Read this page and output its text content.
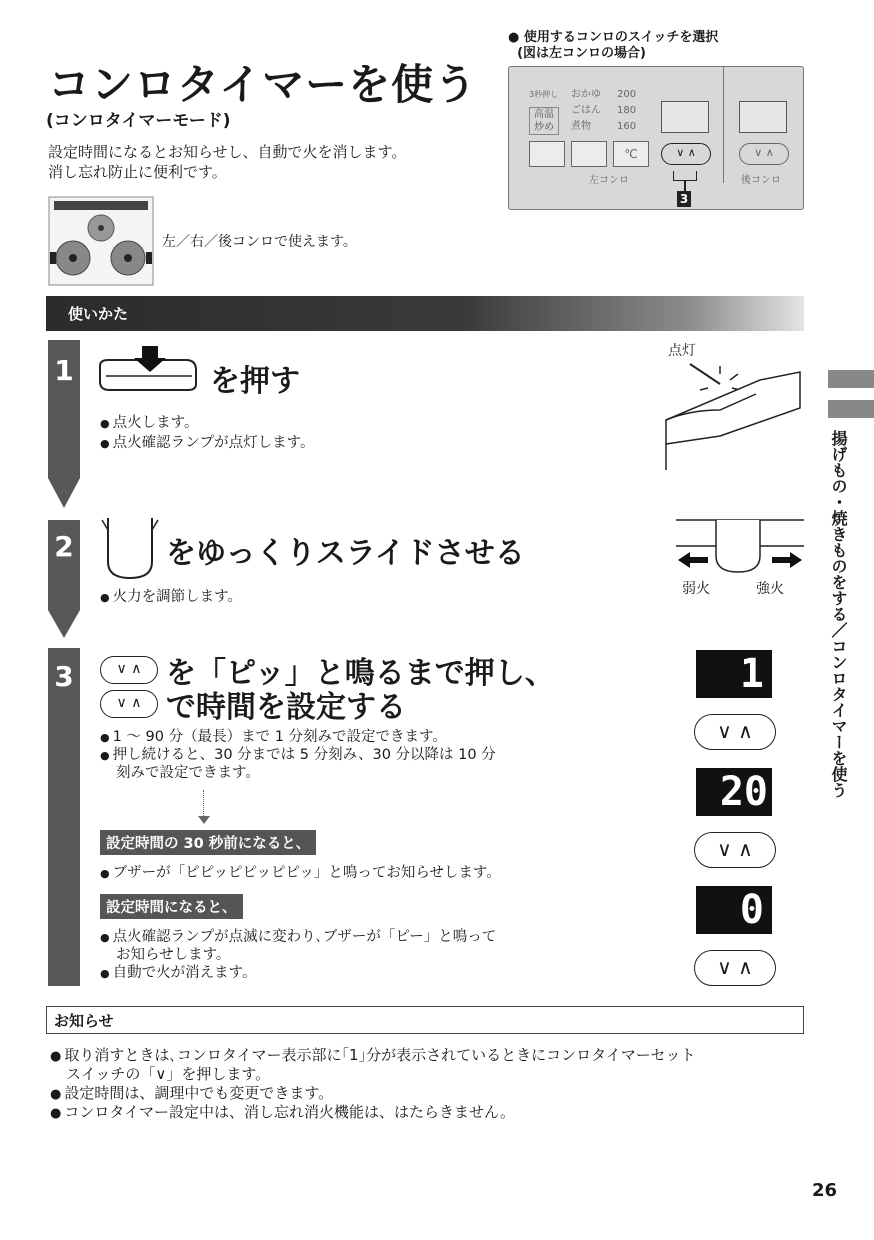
コンロタイマーを使う
(コンロタイマーモード)
設定時間になるとお知らせし、自動で火を消します。
消し忘れ防止に便利です。
左／右／後コンロで使えます。
● 使用するコンロのスイッチを選択
(図は左コンロの場合)
3秒押し
高温
炒め
おかゆ
ごはん
煮物
200
180
160
℃	∨ ∧	∨ ∧
左コンロ	後コンロ
3
使いかた
1	を押す
● 点火します。
● 点火確認ランプが点灯します。
点灯
2	をゆっくりスライドさせる
● 火力を調節します。	弱火	強火
3	∨ ∧ を「ピッ」と鳴るまで押し、
∨ ∧ で時間を設定する
● 1 ～ 90 分（最長）まで 1 分刻みで設定できます。
● 押し続けると、30 分までは 5 分刻み、30 分以降は 10 分
刻みで設定できます。
設定時間の 30 秒前になると、
● ブザーが「ピピッピピッピピッ」と鳴ってお知らせします。
設定時間になると、
● 点火確認ランプが点滅に変わり､ブザーが「ピー」と鳴って
お知らせします。
● 自動で火が消えます。
1
∨ ∧
20
∨ ∧
0
∨ ∧
お知らせ
● 取り消すときは､コンロタイマー表示部に｢1｣分が表示されているときにコンロタイマーセット
スイッチの「∨」を押します。
● 設定時間は、調理中でも変更できます。
● コンロタイマー設定中は、消し忘れ消火機能は、はたらきません。
揚げもの・焼きものをする／コンロタイマーを使う
26
